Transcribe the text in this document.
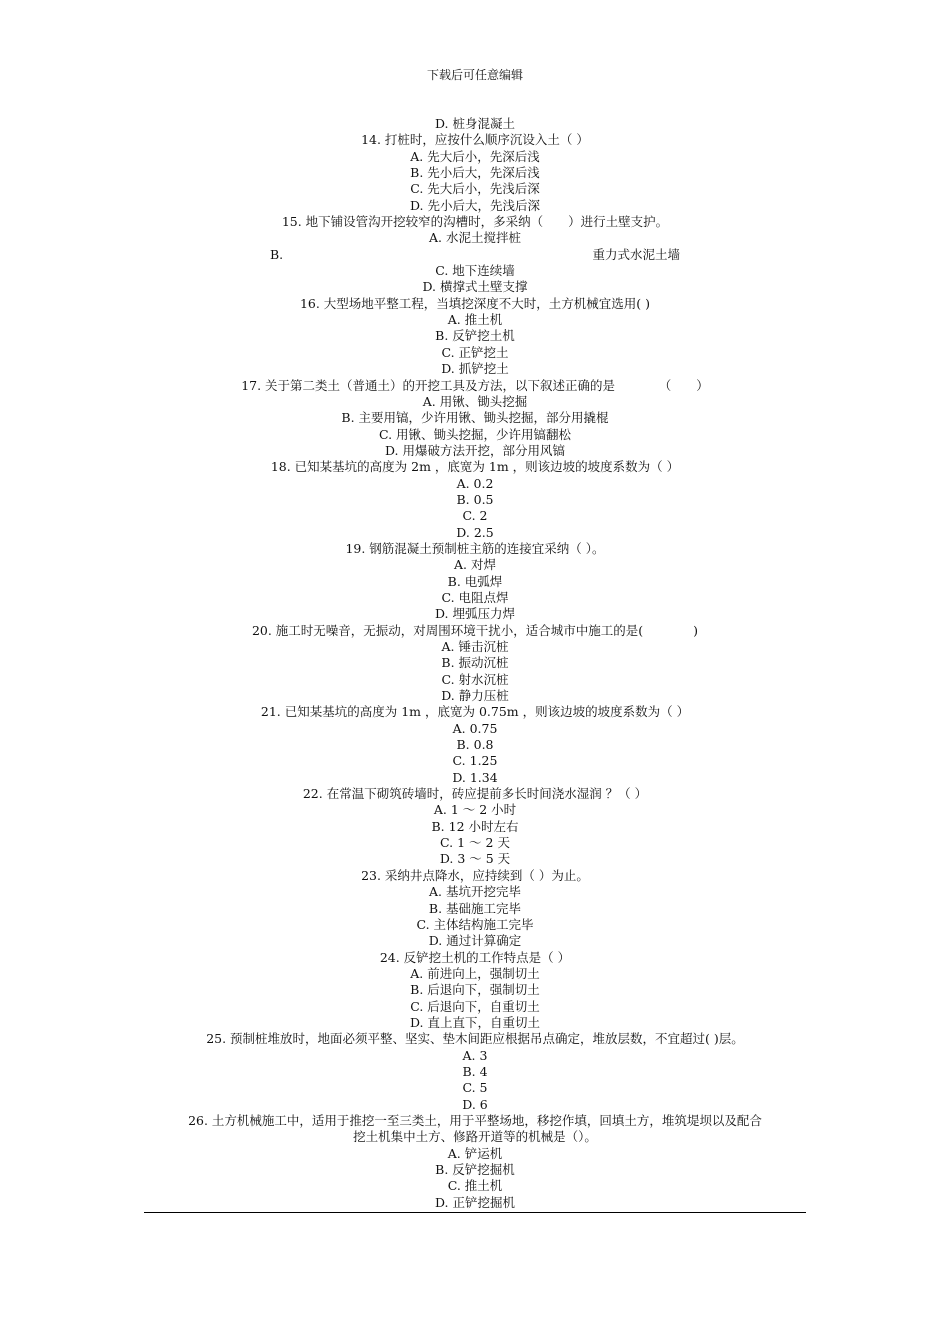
下载后可任意编辑
D. 桩身混凝土
14. 打桩时，应按什么顺序沉设入土（ ）
A. 先大后小，先深后浅
B. 先小后大，先深后浅
C. 先大后小，先浅后深
D. 先小后大，先浅后深
15. 地下铺设管沟开挖较窄的沟槽时，多采纳（　　）进行土壁支护。
A. 水泥土搅拌桩
B.	重力式水泥土墙
C. 地下连续墙
D. 横撑式土壁支撑
16. 大型场地平整工程，当填挖深度不大时，土方机械宜选用( )
A. 推土机
B. 反铲挖土机
C. 正铲挖土
D. 抓铲挖土
17. 关于第二类土（普通土）的开挖工具及方法，以下叙述正确的是　　　　（　　）
A. 用锹、锄头挖掘
B. 主要用镐，少许用锹、锄头挖掘，部分用撬棍
C. 用锹、锄头挖掘，少许用镐翻松
D. 用爆破方法开挖，部分用风镐
18. 已知某基坑的高度为 2m ，底宽为 1m ，则该边坡的坡度系数为（ ）
A. 0.2
B. 0.5
C. 2
D. 2.5
19. 钢筋混凝土预制桩主筋的连接宜采纳（ ）。
A. 对焊
B. 电弧焊
C. 电阻点焊
D. 埋弧压力焊
20. 施工时无噪音，无振动，对周围环境干扰小，适合城市中施工的是(　　　　)
A. 锤击沉桩
B. 振动沉桩
C. 射水沉桩
D. 静力压桩
21. 已知某基坑的高度为 1m ，底宽为 0.75m ，则该边坡的坡度系数为（ ）
A. 0.75
B. 0.8
C. 1.25
D. 1.34
22. 在常温下砌筑砖墙时，砖应提前多长时间浇水湿润 ？（ ）
A. 1 ～ 2 小时
B. 12 小时左右
C. 1 ～ 2 天
D. 3 ～ 5 天
23. 采纳井点降水，应持续到（ ）为止。
A. 基坑开挖完毕
B. 基础施工完毕
C. 主体结构施工完毕
D. 通过计算确定
24. 反铲挖土机的工作特点是（ ）
A. 前进向上，强制切土
B. 后退向下，强制切土
C. 后退向下，自重切土
D. 直上直下，自重切土
25. 预制桩堆放时，地面必须平整、坚实、垫木间距应根据吊点确定，堆放层数，不宜超过( )层。
A. 3
B. 4
C. 5
D. 6
26. 土方机械施工中，适用于推挖一至三类土，用于平整场地，移挖作填，回填土方，堆筑堤坝以及配合
挖土机集中土方、修路开道等的机械是（）。
A. 铲运机
B. 反铲挖掘机
C. 推土机
D. 正铲挖掘机
